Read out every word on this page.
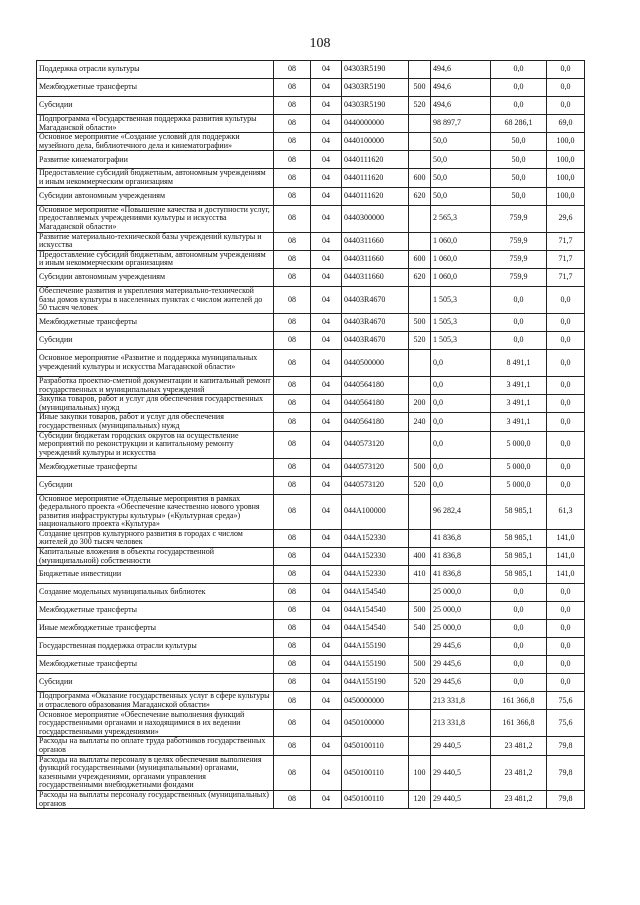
108
Поддержка отрасли культуры	08	04	04303R5190		494,6	0,0	0,0
Межбюджетные трансферты	08	04	04303R5190	500	494,6	0,0	0,0
Субсидии	08	04	04303R5190	520	494,6	0,0	0,0
Подпрограмма «Государственная поддержка развития культуры Магаданской области»	08	04	0440000000		98 897,7	68 286,1	69,0
Основное мероприятие «Создание условий для поддержки музейного дела, библиотечного дела и кинематографии»	08	04	0440100000		50,0	50,0	100,0
Развитие кинематографии	08	04	0440111620		50,0	50,0	100,0
Предоставление субсидий бюджетным, автономным учреждениям и иным некоммерческим организациям	08	04	0440111620	600	50,0	50,0	100,0
Субсидии автономным учреждениям	08	04	0440111620	620	50,0	50,0	100,0
Основное мероприятие «Повышение качества и доступности услуг, предоставляемых учреждениями культуры и искусства Магаданской области»	08	04	0440300000		2 565,3	759,9	29,6
Развитие материально-технической базы учреждений культуры и искусства	08	04	0440311660		1 060,0	759,9	71,7
Предоставление субсидий бюджетным, автономным учреждениям и иным некоммерческим организациям	08	04	0440311660	600	1 060,0	759,9	71,7
Субсидии автономным учреждениям	08	04	0440311660	620	1 060,0	759,9	71,7
Обеспечение развития и укрепления материально-технической базы домов культуры в населенных пунктах с числом жителей до 50 тысяч человек	08	04	04403R4670		1 505,3	0,0	0,0
Межбюджетные трансферты	08	04	04403R4670	500	1 505,3	0,0	0,0
Субсидии	08	04	04403R4670	520	1 505,3	0,0	0,0
Основное мероприятие «Развитие и поддержка муниципальных учреждений культуры и искусства Магаданской области»	08	04	0440500000		0,0	8 491,1	0,0
Разработка проектно-сметной документации и капитальный ремонт государственных и муниципальных учреждений	08	04	0440564180		0,0	3 491,1	0,0
Закупка товаров, работ и услуг для обеспечения государственных (муниципальных) нужд	08	04	0440564180	200	0,0	3 491,1	0,0
Иные закупки товаров, работ и услуг для обеспечения государственных (муниципальных) нужд	08	04	0440564180	240	0,0	3 491,1	0,0
Субсидии бюджетам городских округов на осуществление мероприятий по реконструкции и капитальному ремонту учреждений культуры и искусства	08	04	0440573120		0,0	5 000,0	0,0
Межбюджетные трансферты	08	04	0440573120	500	0,0	5 000,0	0,0
Субсидии	08	04	0440573120	520	0,0	5 000,0	0,0
Основное мероприятие «Отдельные мероприятия в рамках федерального проекта «Обеспечение качественно нового уровня развития инфраструктуры культуры» («Культурная среда») национального проекта «Культура»	08	04	044A100000		96 282,4	58 985,1	61,3
Создание центров культурного развития в городах с числом жителей до 300 тысяч человек	08	04	044A152330		41 836,8	58 985,1	141,0
Капитальные вложения в объекты государственной (муниципальной) собственности	08	04	044A152330	400	41 836,8	58 985,1	141,0
Бюджетные инвестиции	08	04	044A152330	410	41 836,8	58 985,1	141,0
Создание модельных муниципальных библиотек	08	04	044A154540		25 000,0	0,0	0,0
Межбюджетные трансферты	08	04	044A154540	500	25 000,0	0,0	0,0
Иные межбюджетные трансферты	08	04	044A154540	540	25 000,0	0,0	0,0
Государственная поддержка отрасли культуры	08	04	044A155190		29 445,6	0,0	0,0
Межбюджетные трансферты	08	04	044A155190	500	29 445,6	0,0	0,0
Субсидии	08	04	044A155190	520	29 445,6	0,0	0,0
Подпрограмма «Оказание государственных услуг в сфере культуры и отраслевого образования Магаданской области»	08	04	0450000000		213 331,8	161 366,8	75,6
Основное мероприятие «Обеспечение выполнения функций государственными органами и находящимися в их ведении государственными учреждениями»	08	04	0450100000		213 331,8	161 366,8	75,6
Расходы на выплаты по оплате труда работников государственных органов	08	04	0450100110		29 440,5	23 481,2	79,8
Расходы на выплаты персоналу в целях обеспечения выполнения функций государственными (муниципальными) органами, казенными учреждениями, органами управления государственными внебюджетными фондами	08	04	0450100110	100	29 440,5	23 481,2	79,8
Расходы на выплаты персоналу государственных (муниципальных) органов	08	04	0450100110	120	29 440,5	23 481,2	79,8
